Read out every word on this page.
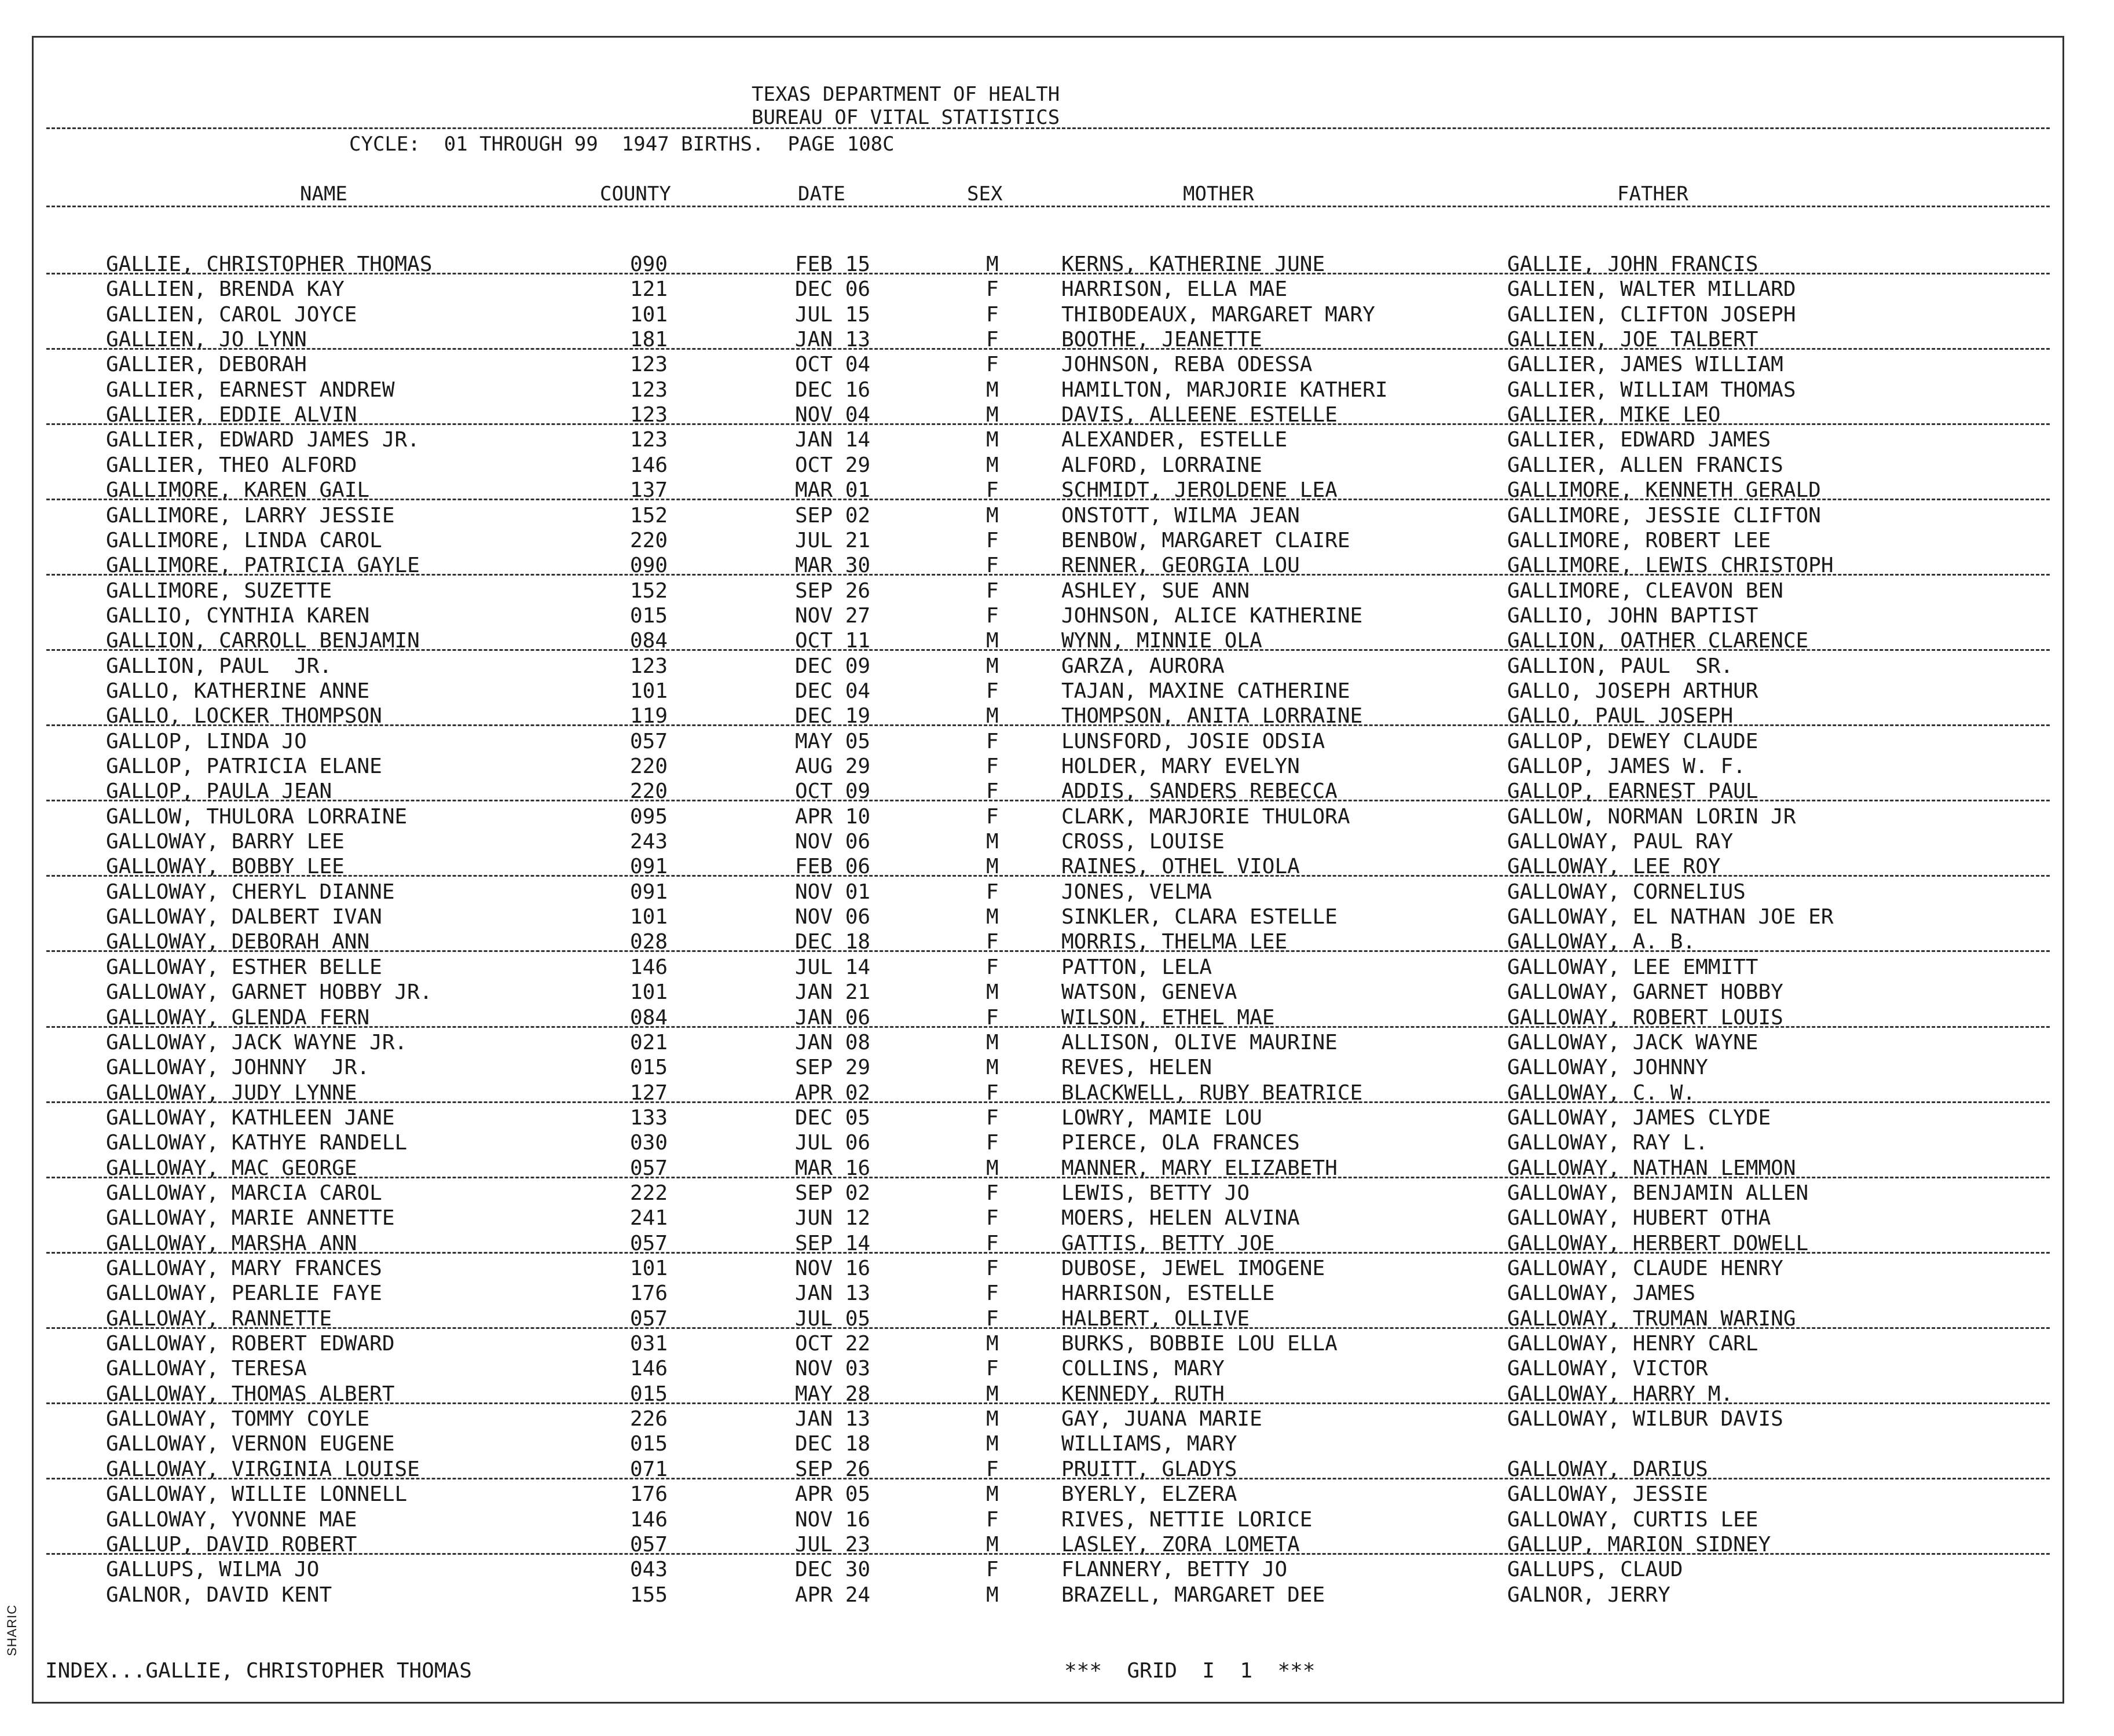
TEXAS DEPARTMENT OF HEALTH
BUREAU OF VITAL STATISTICS
CYCLE:  01 THROUGH 99  1947 BIRTHS.  PAGE 108C
NAME	COUNTY	DATE	SEX	MOTHER	FATHER
GALLIE, CHRISTOPHER THOMAS	090	FEB 15	M	KERNS, KATHERINE JUNE	GALLIE, JOHN FRANCIS
GALLIEN, BRENDA KAY	121	DEC 06	F	HARRISON, ELLA MAE	GALLIEN, WALTER MILLARD
GALLIEN, CAROL JOYCE	101	JUL 15	F	THIBODEAUX, MARGARET MARY	GALLIEN, CLIFTON JOSEPH
GALLIEN, JO LYNN	181	JAN 13	F	BOOTHE, JEANETTE	GALLIEN, JOE TALBERT
GALLIER, DEBORAH	123	OCT 04	F	JOHNSON, REBA ODESSA	GALLIER, JAMES WILLIAM
GALLIER, EARNEST ANDREW	123	DEC 16	M	HAMILTON, MARJORIE KATHERI	GALLIER, WILLIAM THOMAS
GALLIER, EDDIE ALVIN	123	NOV 04	M	DAVIS, ALLEENE ESTELLE	GALLIER, MIKE LEO
GALLIER, EDWARD JAMES JR.	123	JAN 14	M	ALEXANDER, ESTELLE	GALLIER, EDWARD JAMES
GALLIER, THEO ALFORD	146	OCT 29	M	ALFORD, LORRAINE	GALLIER, ALLEN FRANCIS
GALLIMORE, KAREN GAIL	137	MAR 01	F	SCHMIDT, JEROLDENE LEA	GALLIMORE, KENNETH GERALD
GALLIMORE, LARRY JESSIE	152	SEP 02	M	ONSTOTT, WILMA JEAN	GALLIMORE, JESSIE CLIFTON
GALLIMORE, LINDA CAROL	220	JUL 21	F	BENBOW, MARGARET CLAIRE	GALLIMORE, ROBERT LEE
GALLIMORE, PATRICIA GAYLE	090	MAR 30	F	RENNER, GEORGIA LOU	GALLIMORE, LEWIS CHRISTOPH
GALLIMORE, SUZETTE	152	SEP 26	F	ASHLEY, SUE ANN	GALLIMORE, CLEAVON BEN
GALLIO, CYNTHIA KAREN	015	NOV 27	F	JOHNSON, ALICE KATHERINE	GALLIO, JOHN BAPTIST
GALLION, CARROLL BENJAMIN	084	OCT 11	M	WYNN, MINNIE OLA	GALLION, OATHER CLARENCE
GALLION, PAUL  JR.	123	DEC 09	M	GARZA, AURORA	GALLION, PAUL  SR.
GALLO, KATHERINE ANNE	101	DEC 04	F	TAJAN, MAXINE CATHERINE	GALLO, JOSEPH ARTHUR
GALLO, LOCKER THOMPSON	119	DEC 19	M	THOMPSON, ANITA LORRAINE	GALLO, PAUL JOSEPH
GALLOP, LINDA JO	057	MAY 05	F	LUNSFORD, JOSIE ODSIA	GALLOP, DEWEY CLAUDE
GALLOP, PATRICIA ELANE	220	AUG 29	F	HOLDER, MARY EVELYN	GALLOP, JAMES W. F.
GALLOP, PAULA JEAN	220	OCT 09	F	ADDIS, SANDERS REBECCA	GALLOP, EARNEST PAUL
GALLOW, THULORA LORRAINE	095	APR 10	F	CLARK, MARJORIE THULORA	GALLOW, NORMAN LORIN JR
GALLOWAY, BARRY LEE	243	NOV 06	M	CROSS, LOUISE	GALLOWAY, PAUL RAY
GALLOWAY, BOBBY LEE	091	FEB 06	M	RAINES, OTHEL VIOLA	GALLOWAY, LEE ROY
GALLOWAY, CHERYL DIANNE	091	NOV 01	F	JONES, VELMA	GALLOWAY, CORNELIUS
GALLOWAY, DALBERT IVAN	101	NOV 06	M	SINKLER, CLARA ESTELLE	GALLOWAY, EL NATHAN JOE ER
GALLOWAY, DEBORAH ANN	028	DEC 18	F	MORRIS, THELMA LEE	GALLOWAY, A. B.
GALLOWAY, ESTHER BELLE	146	JUL 14	F	PATTON, LELA	GALLOWAY, LEE EMMITT
GALLOWAY, GARNET HOBBY JR.	101	JAN 21	M	WATSON, GENEVA	GALLOWAY, GARNET HOBBY
GALLOWAY, GLENDA FERN	084	JAN 06	F	WILSON, ETHEL MAE	GALLOWAY, ROBERT LOUIS
GALLOWAY, JACK WAYNE JR.	021	JAN 08	M	ALLISON, OLIVE MAURINE	GALLOWAY, JACK WAYNE
GALLOWAY, JOHNNY  JR.	015	SEP 29	M	REVES, HELEN	GALLOWAY, JOHNNY
GALLOWAY, JUDY LYNNE	127	APR 02	F	BLACKWELL, RUBY BEATRICE	GALLOWAY, C. W.
GALLOWAY, KATHLEEN JANE	133	DEC 05	F	LOWRY, MAMIE LOU	GALLOWAY, JAMES CLYDE
GALLOWAY, KATHYE RANDELL	030	JUL 06	F	PIERCE, OLA FRANCES	GALLOWAY, RAY L.
GALLOWAY, MAC GEORGE	057	MAR 16	M	MANNER, MARY ELIZABETH	GALLOWAY, NATHAN LEMMON
GALLOWAY, MARCIA CAROL	222	SEP 02	F	LEWIS, BETTY JO	GALLOWAY, BENJAMIN ALLEN
GALLOWAY, MARIE ANNETTE	241	JUN 12	F	MOERS, HELEN ALVINA	GALLOWAY, HUBERT OTHA
GALLOWAY, MARSHA ANN	057	SEP 14	F	GATTIS, BETTY JOE	GALLOWAY, HERBERT DOWELL
GALLOWAY, MARY FRANCES	101	NOV 16	F	DUBOSE, JEWEL IMOGENE	GALLOWAY, CLAUDE HENRY
GALLOWAY, PEARLIE FAYE	176	JAN 13	F	HARRISON, ESTELLE	GALLOWAY, JAMES
GALLOWAY, RANNETTE	057	JUL 05	F	HALBERT, OLLIVE	GALLOWAY, TRUMAN WARING
GALLOWAY, ROBERT EDWARD	031	OCT 22	M	BURKS, BOBBIE LOU ELLA	GALLOWAY, HENRY CARL
GALLOWAY, TERESA	146	NOV 03	F	COLLINS, MARY	GALLOWAY, VICTOR
GALLOWAY, THOMAS ALBERT	015	MAY 28	M	KENNEDY, RUTH	GALLOWAY, HARRY M.
GALLOWAY, TOMMY COYLE	226	JAN 13	M	GAY, JUANA MARIE	GALLOWAY, WILBUR DAVIS
GALLOWAY, VERNON EUGENE	015	DEC 18	M	WILLIAMS, MARY
GALLOWAY, VIRGINIA LOUISE	071	SEP 26	F	PRUITT, GLADYS	GALLOWAY, DARIUS
GALLOWAY, WILLIE LONNELL	176	APR 05	M	BYERLY, ELZERA	GALLOWAY, JESSIE
GALLOWAY, YVONNE MAE	146	NOV 16	F	RIVES, NETTIE LORICE	GALLOWAY, CURTIS LEE
GALLUP, DAVID ROBERT	057	JUL 23	M	LASLEY, ZORA LOMETA	GALLUP, MARION SIDNEY
GALLUPS, WILMA JO	043	DEC 30	F	FLANNERY, BETTY JO	GALLUPS, CLAUD
GALNOR, DAVID KENT	155	APR 24	M	BRAZELL, MARGARET DEE	GALNOR, JERRY
INDEX...GALLIE, CHRISTOPHER THOMAS	***  GRID  I  1  ***
SHARIC
